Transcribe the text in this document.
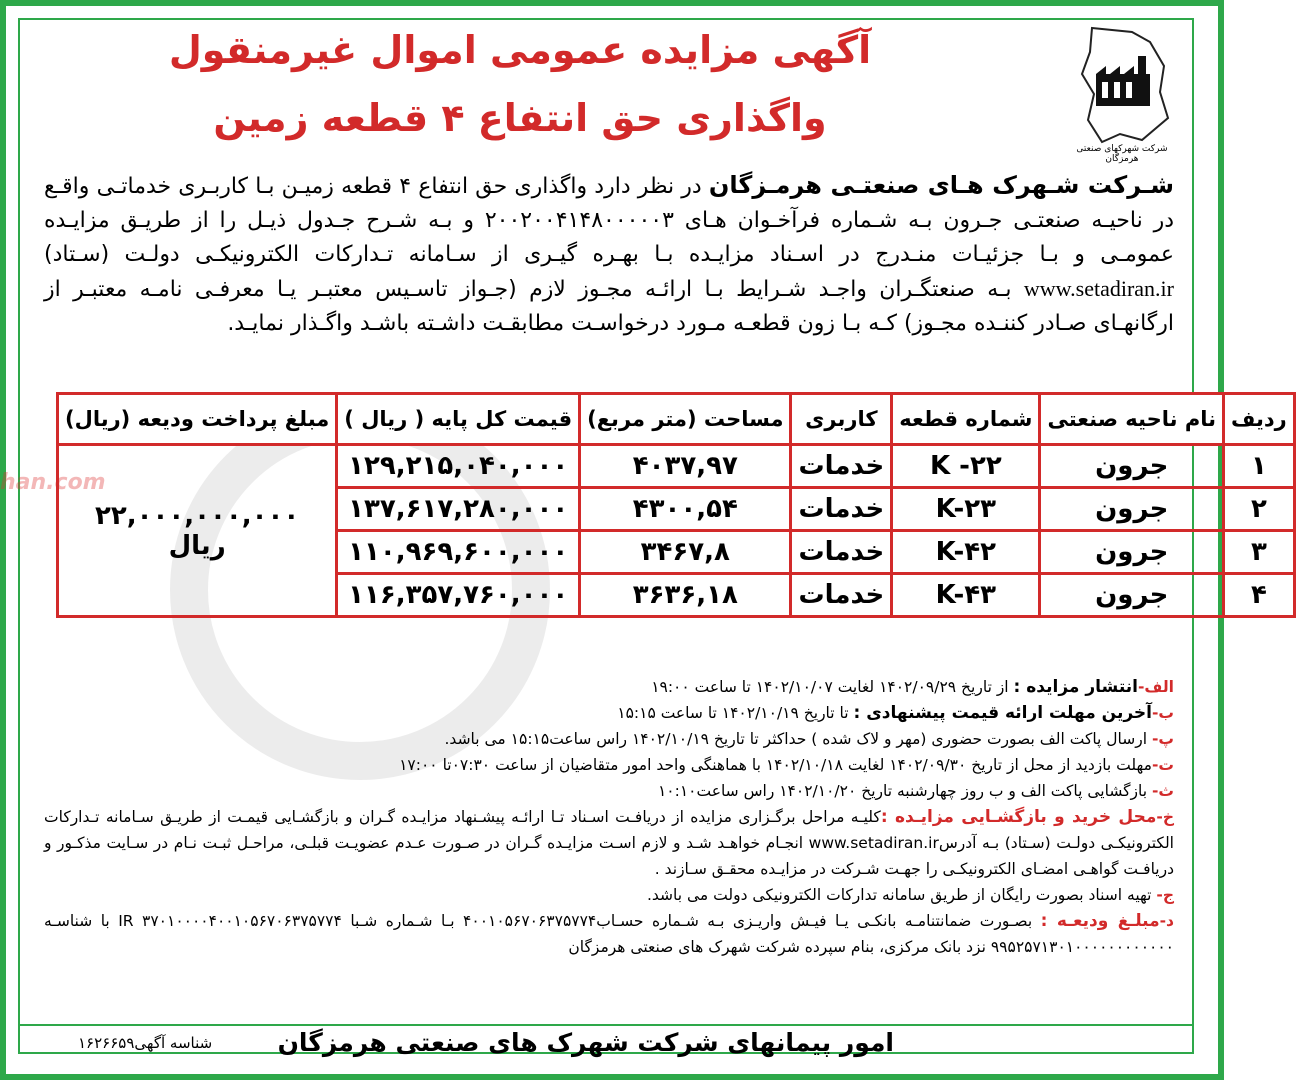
شرکت شهرکهای صنعتی هرمزگان
آگهی مزایده عمومی اموال غیرمنقول
واگذاری حق انتفاع ۴ قطعه زمین
شـرکت شـهرک هـای صنعتـی هرمـزگان در نظر دارد واگذاری حق انتفاع ۴ قطعه زمیـن بـا کاربـری خدماتـی واقـع در ناحیـه صنعتـی جـرون بـه شـماره فرآخـوان هـای ۲۰۰۲۰۰۴۱۴۸۰۰۰۰۰۳ و بـه شـرح جـدول ذیـل را از طریـق مزایـده عمومـی و بـا جزئیـات منـدرج در اسـناد مزایـده بـا بهـره گیـری از سـامانه تـدارکات الکترونیکـی دولـت (سـتاد) www.setadiran.ir بـه صنعتگـران واجـد شـرایط بـا ارائـه مجـوز لازم (جـواز تاسـیس معتبـر یـا معرفـی نامـه معتبـر از ارگانهـای صـادر کننـده مجـوز) کـه بـا زون قطعـه مـورد درخواسـت مطابقـت داشـته باشـد واگـذار نمایـد.
han.com
ردیف	نام ناحیه صنعتی	شماره قطعه	کاربری	مساحت (متر مربع)	قیمت کل پایه ( ریال )	مبلغ پرداخت ودیعه (ریال)
۱	جرون	K -۲۲	خدمات	۴۰۳۷,۹۷	۱۲۹,۲۱۵,۰۴۰,۰۰۰	۲۲,۰۰۰,۰۰۰,۰۰۰ ریال
۲	جرون	K-۲۳	خدمات	۴۳۰۰,۵۴	۱۳۷,۶۱۷,۲۸۰,۰۰۰	
۳	جرون	K-۴۲	خدمات	۳۴۶۷,۸	۱۱۰,۹۶۹,۶۰۰,۰۰۰	
۴	جرون	K-۴۳	خدمات	۳۶۳۶,۱۸	۱۱۶,۳۵۷,۷۶۰,۰۰۰	
الف-انتشار مزایده : از تاریخ ۱۴۰۲/۰۹/۲۹ لغایت ۱۴۰۲/۱۰/۰۷ تا ساعت ۱۹:۰۰
ب-آخرین مهلت ارائه قیمت پیشنهادی : تا تاریخ ۱۴۰۲/۱۰/۱۹ تا ساعت ۱۵:۱۵
پ- ارسال پاکت الف بصورت حضوری (مهر و لاک شده ) حداکثر تا تاریخ ۱۴۰۲/۱۰/۱۹ راس ساعت۱۵:۱۵ می باشد.
ت-مهلت بازدید از محل از تاریخ ۱۴۰۲/۰۹/۳۰ لغایت ۱۴۰۲/۱۰/۱۸ با هماهنگی واحد امور متقاضیان از ساعت ۰۷:۳۰تا ۱۷:۰۰
ث- بازگشایی پاکت الف و ب روز چهارشنبه تاریخ ۱۴۰۲/۱۰/۲۰ راس ساعت۱۰:۱۰
خ-محل خرید و بازگشـایی مزایـده :کلیـه مراحل برگـزاری مزایده از دریافـت اسـناد تـا ارائـه پیشـنهاد مزایـده گـران و بازگشـایی قیمـت از طریـق سـامانه تـدارکات الکترونیکـی دولـت (سـتاد) بـه آدرسwww.setadiran.ir انجـام خواهـد شـد و لازم اسـت مزایـده گـران در صـورت عـدم عضویـت قبلـی، مراحـل ثبـت نـام در سـایت مذکـور و دریافـت گواهـی امضـای الکترونیکـی را جهـت شـرکت در مزایـده محقـق سـازند .
ج- تهیه اسناد بصورت رایگان از طریق سامانه تدارکات الکترونیکی دولت می باشد.
د-مبلـغ ودیعـه : بصـورت ضمانتنامـه بانکـی یـا فیـش واریـزی بـه شـماره حسـاب۴۰۰۱۰۵۶۷۰۶۳۷۵۷۷۴ بـا شـماره شـبا ۳۷۰۱۰۰۰۰۴۰۰۱۰۵۶۷۰۶۳۷۵۷۷۴ IR با شناسـه ۹۹۵۲۵۷۱۳۰۱۰۰۰۰۰۰۰۰۰۰۰۰ نزد بانک مرکزی، بنام سپرده شرکت شهرک های صنعتی هرمزگان
امور پیمانهای شرکت شهرک های صنعتی هرمزگان
شناسه آگهی۱۶۲۶۶۵۹
